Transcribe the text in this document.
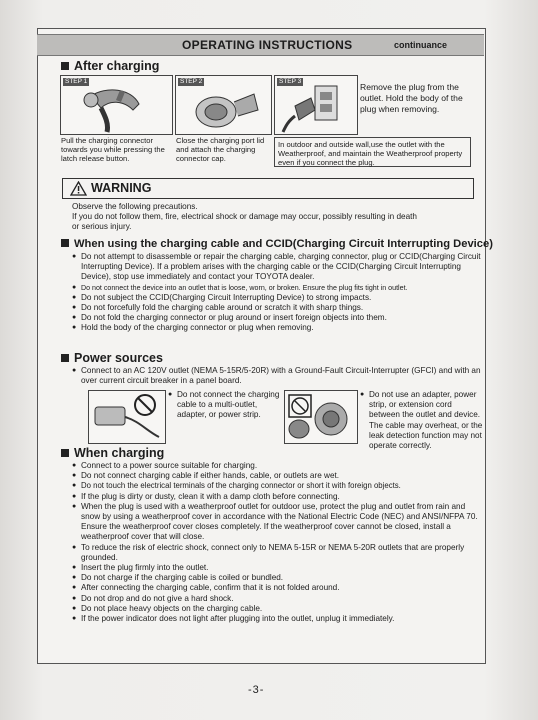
OPERATING INSTRUCTIONS	continuance
After charging
STEP 1	STEP 2	STEP 3
Pull the charging connector towards you while pressing the latch release button.
Close the charging port lid and attach the charging connector cap.
Remove the plug from the outlet. Hold the body of the plug when removing.
In outdoor and outside wall,use the outlet with the Weatherproof, and maintain the Weatherproof property even if you connect the plug.
WARNING
Observe the following precautions.
If you do not follow them, fire, electrical shock or damage may occur, possibly resulting in death
or serious injury.
When using the charging cable and CCID(Charging Circuit Interrupting Device)
● Do not attempt to disassemble or repair the charging cable, charging connector, plug or CCID(Charging Circuit Interrupting Device). If a problem arises with the charging cable or the CCID(Charging Circuit Interrupting Device), stop use immediately and contact your TOYOTA dealer.
● Do not connect the device into an outlet that is loose, worn, or broken. Ensure the plug fits tight in outlet.
● Do not subject the CCID(Charging Circuit Interrupting Device) to strong impacts.
● Do not forcefully fold the charging cable around or scratch it with sharp things.
● Do not fold the charging connector or plug around or insert foreign objects into them.
● Hold the body of the charging connector or plug when removing.
Power sources
● Connect to an AC 120V outlet (NEMA 5-15R/5-20R) with a Ground-Fault Circuit-Interrupter (GFCI) and with an over current circuit breaker in a panel board.
● Do not connect the charging cable to a multi-outlet, adapter, or power strip.
● Do not use an adapter, power strip, or extension cord between the outlet and device. The cable may overheat, or the leak detection function may not operate correctly.
When charging
● Connect to a power source suitable for charging.
● Do not connect charging cable if either hands, cable, or outlets are wet.
● Do not touch the electrical terminals of the charging connector or short it with foreign objects.
● If the plug is dirty or dusty, clean it with a damp cloth before connecting.
● When the plug is used with a weatherproof outlet for outdoor use, protect the plug and outlet from rain and snow by using a weatherproof cover in accordance with the National Electric Code (NEC) and ANSI/NFPA 70. Ensure the weatherproof cover closes completely. If the weatherproof cover cannot be closed, install a weatherproof cover that will close.
● To reduce the risk of electric shock, connect only to NEMA 5-15R or NEMA 5-20R outlets that are properly grounded.
● Insert the plug firmly into the outlet.
● Do not charge if the charging cable is coiled or bundled.
● After connecting the charging cable, confirm that it is not folded around.
● Do not drop and do not give a hard shock.
● Do not place heavy objects on the charging cable.
● If the power indicator does not light after plugging into the outlet, unplug it immediately.
-3-
